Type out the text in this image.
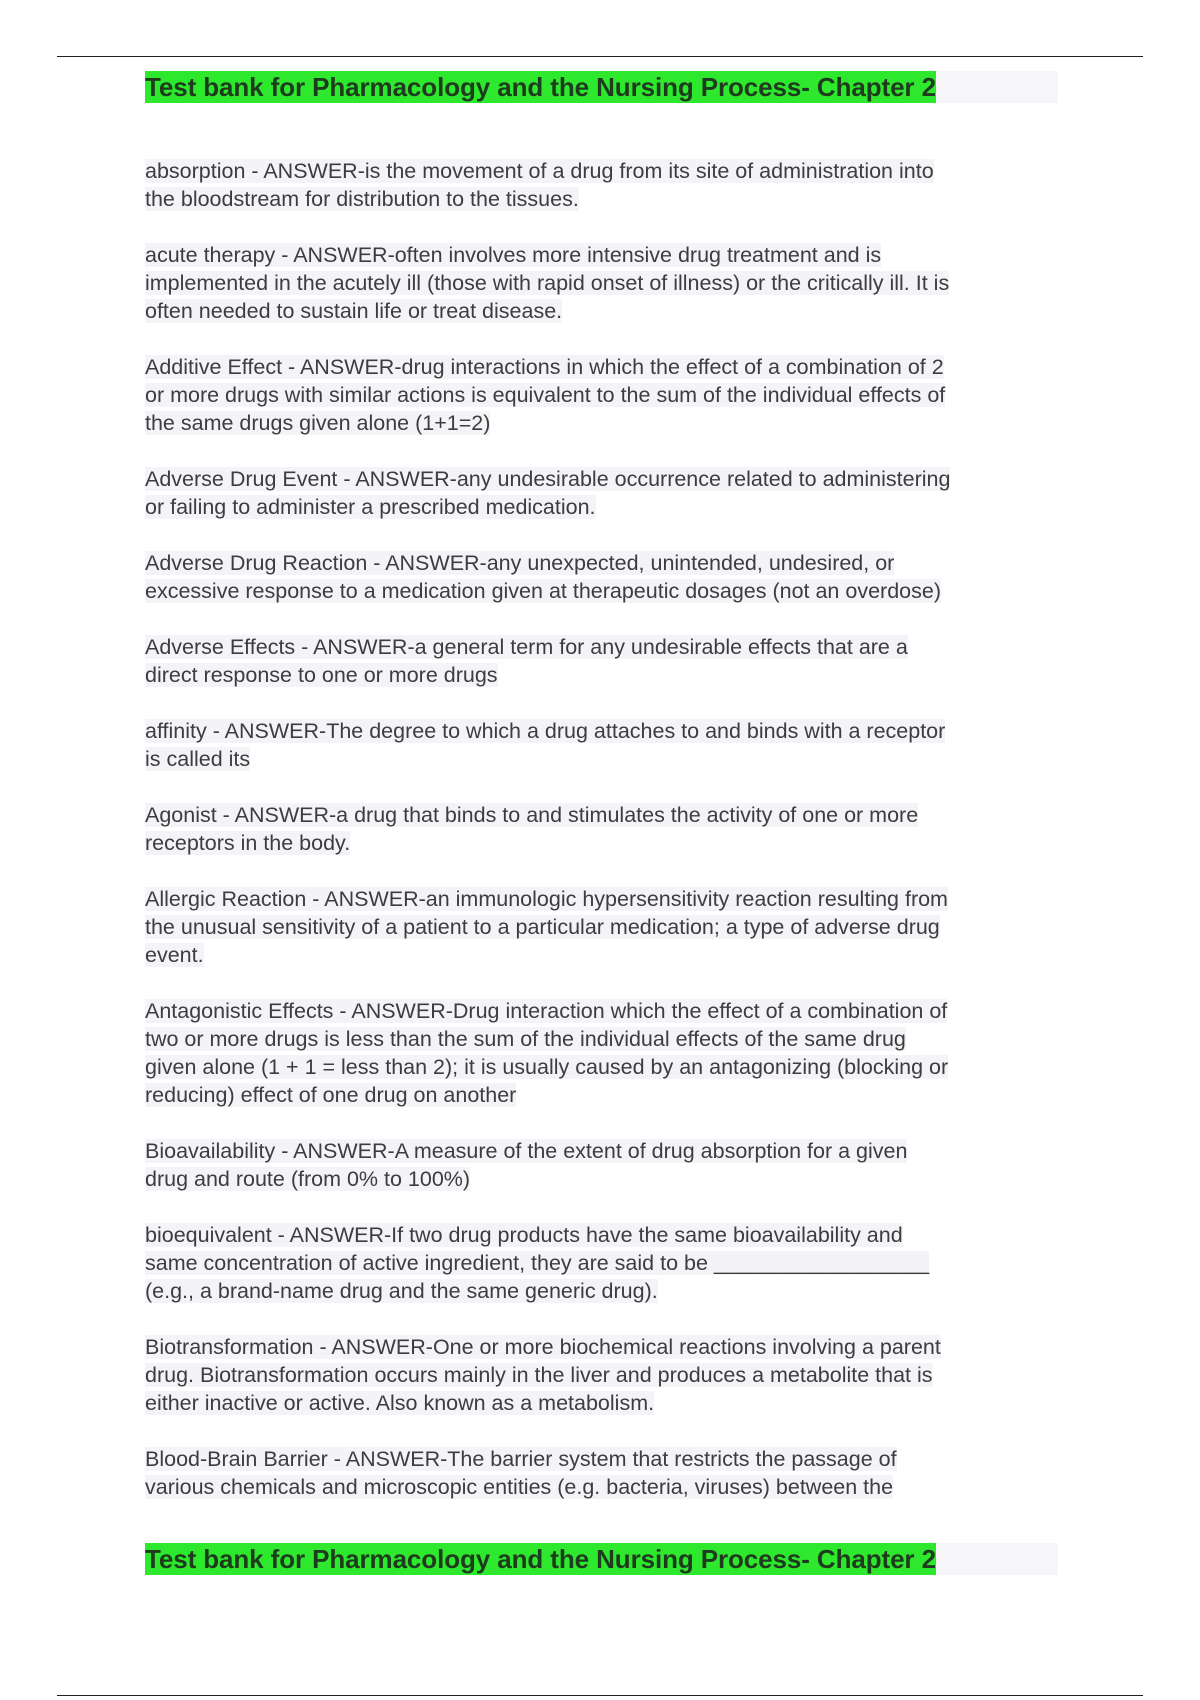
Test bank for Pharmacology and the Nursing Process- Chapter 2
absorption - ANSWER-is the movement of a drug from its site of administration into
the bloodstream for distribution to the tissues.
acute therapy - ANSWER-often involves more intensive drug treatment and is
implemented in the acutely ill (those with rapid onset of illness) or the critically ill. It is
often needed to sustain life or treat disease.
Additive Effect - ANSWER-drug interactions in which the effect of a combination of 2
or more drugs with similar actions is equivalent to the sum of the individual effects of
the same drugs given alone (1+1=2)
Adverse Drug Event - ANSWER-any undesirable occurrence related to administering
or failing to administer a prescribed medication.
Adverse Drug Reaction - ANSWER-any unexpected, unintended, undesired, or
excessive response to a medication given at therapeutic dosages (not an overdose)
Adverse Effects - ANSWER-a general term for any undesirable effects that are a
direct response to one or more drugs
affinity - ANSWER-The degree to which a drug attaches to and binds with a receptor
is called its
Agonist - ANSWER-a drug that binds to and stimulates the activity of one or more
receptors in the body.
Allergic Reaction - ANSWER-an immunologic hypersensitivity reaction resulting from
the unusual sensitivity of a patient to a particular medication; a type of adverse drug
event.
Antagonistic Effects - ANSWER-Drug interaction which the effect of a combination of
two or more drugs is less than the sum of the individual effects of the same drug
given alone (1 + 1 = less than 2); it is usually caused by an antagonizing (blocking or
reducing) effect of one drug on another
Bioavailability - ANSWER-A measure of the extent of drug absorption for a given
drug and route (from 0% to 100%)
bioequivalent - ANSWER-If two drug products have the same bioavailability and
same concentration of active ingredient, they are said to be __________________
(e.g., a brand-name drug and the same generic drug).
Biotransformation - ANSWER-One or more biochemical reactions involving a parent
drug. Biotransformation occurs mainly in the liver and produces a metabolite that is
either inactive or active. Also known as a metabolism.
Blood-Brain Barrier - ANSWER-The barrier system that restricts the passage of
various chemicals and microscopic entities (e.g. bacteria, viruses) between the
Test bank for Pharmacology and the Nursing Process- Chapter 2
